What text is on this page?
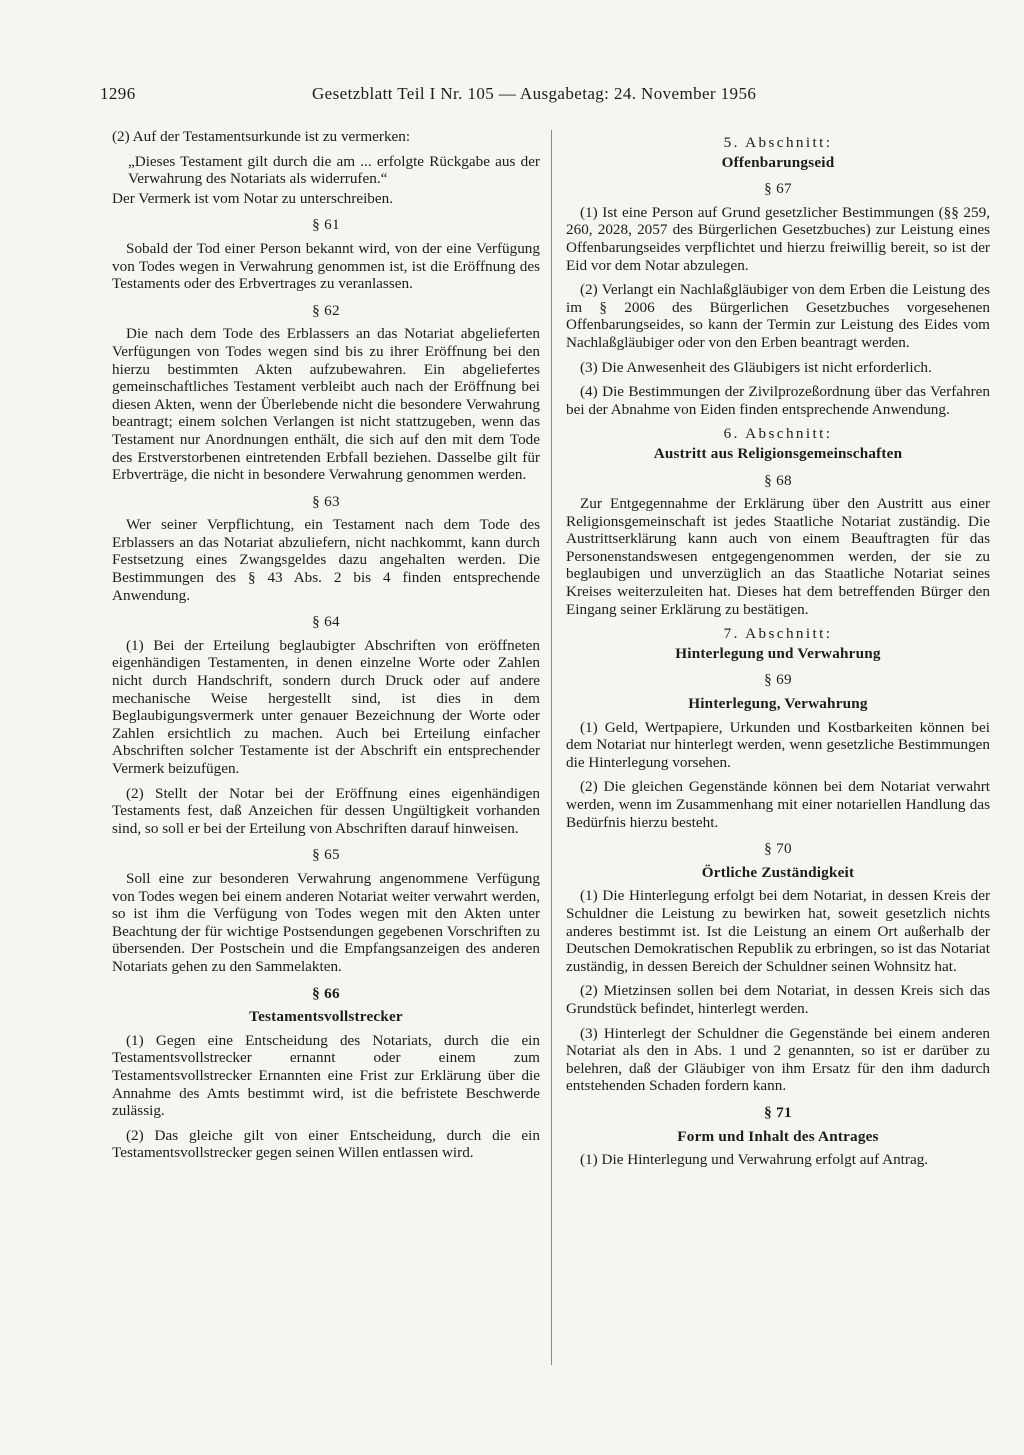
1296	Gesetzblatt Teil I Nr. 105 — Ausgabetag: 24. November 1956

(2) Auf der Testamentsurkunde ist zu vermerken:

„Dieses Testament gilt durch die am ... erfolgte Rückgabe aus der Verwahrung des Notariats als widerrufen.“

Der Vermerk ist vom Notar zu unterschreiben.

§ 61

Sobald der Tod einer Person bekannt wird, von der eine Verfügung von Todes wegen in Verwahrung genommen ist, ist die Eröffnung des Testaments oder des Erbvertrages zu veranlassen.

§ 62

Die nach dem Tode des Erblassers an das Notariat abgelieferten Verfügungen von Todes wegen sind bis zu ihrer Eröffnung bei den hierzu bestimmten Akten aufzubewahren. Ein abgeliefertes gemeinschaftliches Testament verbleibt auch nach der Eröffnung bei diesen Akten, wenn der Überlebende nicht die besondere Verwahrung beantragt; einem solchen Verlangen ist nicht stattzugeben, wenn das Testament nur Anordnungen enthält, die sich auf den mit dem Tode des Erstverstorbenen eintretenden Erbfall beziehen. Dasselbe gilt für Erbverträge, die nicht in besondere Verwahrung genommen werden.

§ 63

Wer seiner Verpflichtung, ein Testament nach dem Tode des Erblassers an das Notariat abzuliefern, nicht nachkommt, kann durch Festsetzung eines Zwangsgeldes dazu angehalten werden. Die Bestimmungen des § 43 Abs. 2 bis 4 finden entsprechende Anwendung.

§ 64

(1) Bei der Erteilung beglaubigter Abschriften von eröffneten eigenhändigen Testamenten, in denen einzelne Worte oder Zahlen nicht durch Handschrift, sondern durch Druck oder auf andere mechanische Weise hergestellt sind, ist dies in dem Beglaubigungsvermerk unter genauer Bezeichnung der Worte oder Zahlen ersichtlich zu machen. Auch bei Erteilung einfacher Abschriften solcher Testamente ist der Abschrift ein entsprechender Vermerk beizufügen.

(2) Stellt der Notar bei der Eröffnung eines eigenhändigen Testaments fest, daß Anzeichen für dessen Ungültigkeit vorhanden sind, so soll er bei der Erteilung von Abschriften darauf hinweisen.

§ 65

Soll eine zur besonderen Verwahrung angenommene Verfügung von Todes wegen bei einem anderen Notariat weiter verwahrt werden, so ist ihm die Verfügung von Todes wegen mit den Akten unter Beachtung der für wichtige Postsendungen gegebenen Vorschriften zu übersenden. Der Postschein und die Empfangsanzeigen des anderen Notariats gehen zu den Sammelakten.

§ 66
Testamentsvollstrecker

(1) Gegen eine Entscheidung des Notariats, durch die ein Testamentsvollstrecker ernannt oder einem zum Testamentsvollstrecker Ernannten eine Frist zur Erklärung über die Annahme des Amts bestimmt wird, ist die befristete Beschwerde zulässig.

(2) Das gleiche gilt von einer Entscheidung, durch die ein Testamentsvollstrecker gegen seinen Willen entlassen wird.

5. Abschnitt:
Offenbarungseid
§ 67

(1) Ist eine Person auf Grund gesetzlicher Bestimmungen (§§ 259, 260, 2028, 2057 des Bürgerlichen Gesetzbuches) zur Leistung eines Offenbarungseides verpflichtet und hierzu freiwillig bereit, so ist der Eid vor dem Notar abzulegen.

(2) Verlangt ein Nachlaßgläubiger von dem Erben die Leistung des im § 2006 des Bürgerlichen Gesetzbuches vorgesehenen Offenbarungseides, so kann der Termin zur Leistung des Eides vom Nachlaßgläubiger oder von den Erben beantragt werden.

(3) Die Anwesenheit des Gläubigers ist nicht erforderlich.

(4) Die Bestimmungen der Zivilprozeßordnung über das Verfahren bei der Abnahme von Eiden finden entsprechende Anwendung.

6. Abschnitt:
Austritt aus Religionsgemeinschaften
§ 68

Zur Entgegennahme der Erklärung über den Austritt aus einer Religionsgemeinschaft ist jedes Staatliche Notariat zuständig. Die Austrittserklärung kann auch von einem Beauftragten für das Personenstandswesen entgegengenommen werden, der sie zu beglaubigen und unverzüglich an das Staatliche Notariat seines Kreises weiterzuleiten hat. Dieses hat dem betreffenden Bürger den Eingang seiner Erklärung zu bestätigen.

7. Abschnitt:
Hinterlegung und Verwahrung
§ 69
Hinterlegung, Verwahrung

(1) Geld, Wertpapiere, Urkunden und Kostbarkeiten können bei dem Notariat nur hinterlegt werden, wenn gesetzliche Bestimmungen die Hinterlegung vorsehen.

(2) Die gleichen Gegenstände können bei dem Notariat verwahrt werden, wenn im Zusammenhang mit einer notariellen Handlung das Bedürfnis hierzu besteht.

§ 70
Örtliche Zuständigkeit

(1) Die Hinterlegung erfolgt bei dem Notariat, in dessen Kreis der Schuldner die Leistung zu bewirken hat, soweit gesetzlich nichts anderes bestimmt ist. Ist die Leistung an einem Ort außerhalb der Deutschen Demokratischen Republik zu erbringen, so ist das Notariat zuständig, in dessen Bereich der Schuldner seinen Wohnsitz hat.

(2) Mietzinsen sollen bei dem Notariat, in dessen Kreis sich das Grundstück befindet, hinterlegt werden.

(3) Hinterlegt der Schuldner die Gegenstände bei einem anderen Notariat als den in Abs. 1 und 2 genannten, so ist er darüber zu belehren, daß der Gläubiger von ihm Ersatz für den ihm dadurch entstehenden Schaden fordern kann.

§ 71
Form und Inhalt des Antrages

(1) Die Hinterlegung und Verwahrung erfolgt auf Antrag.
